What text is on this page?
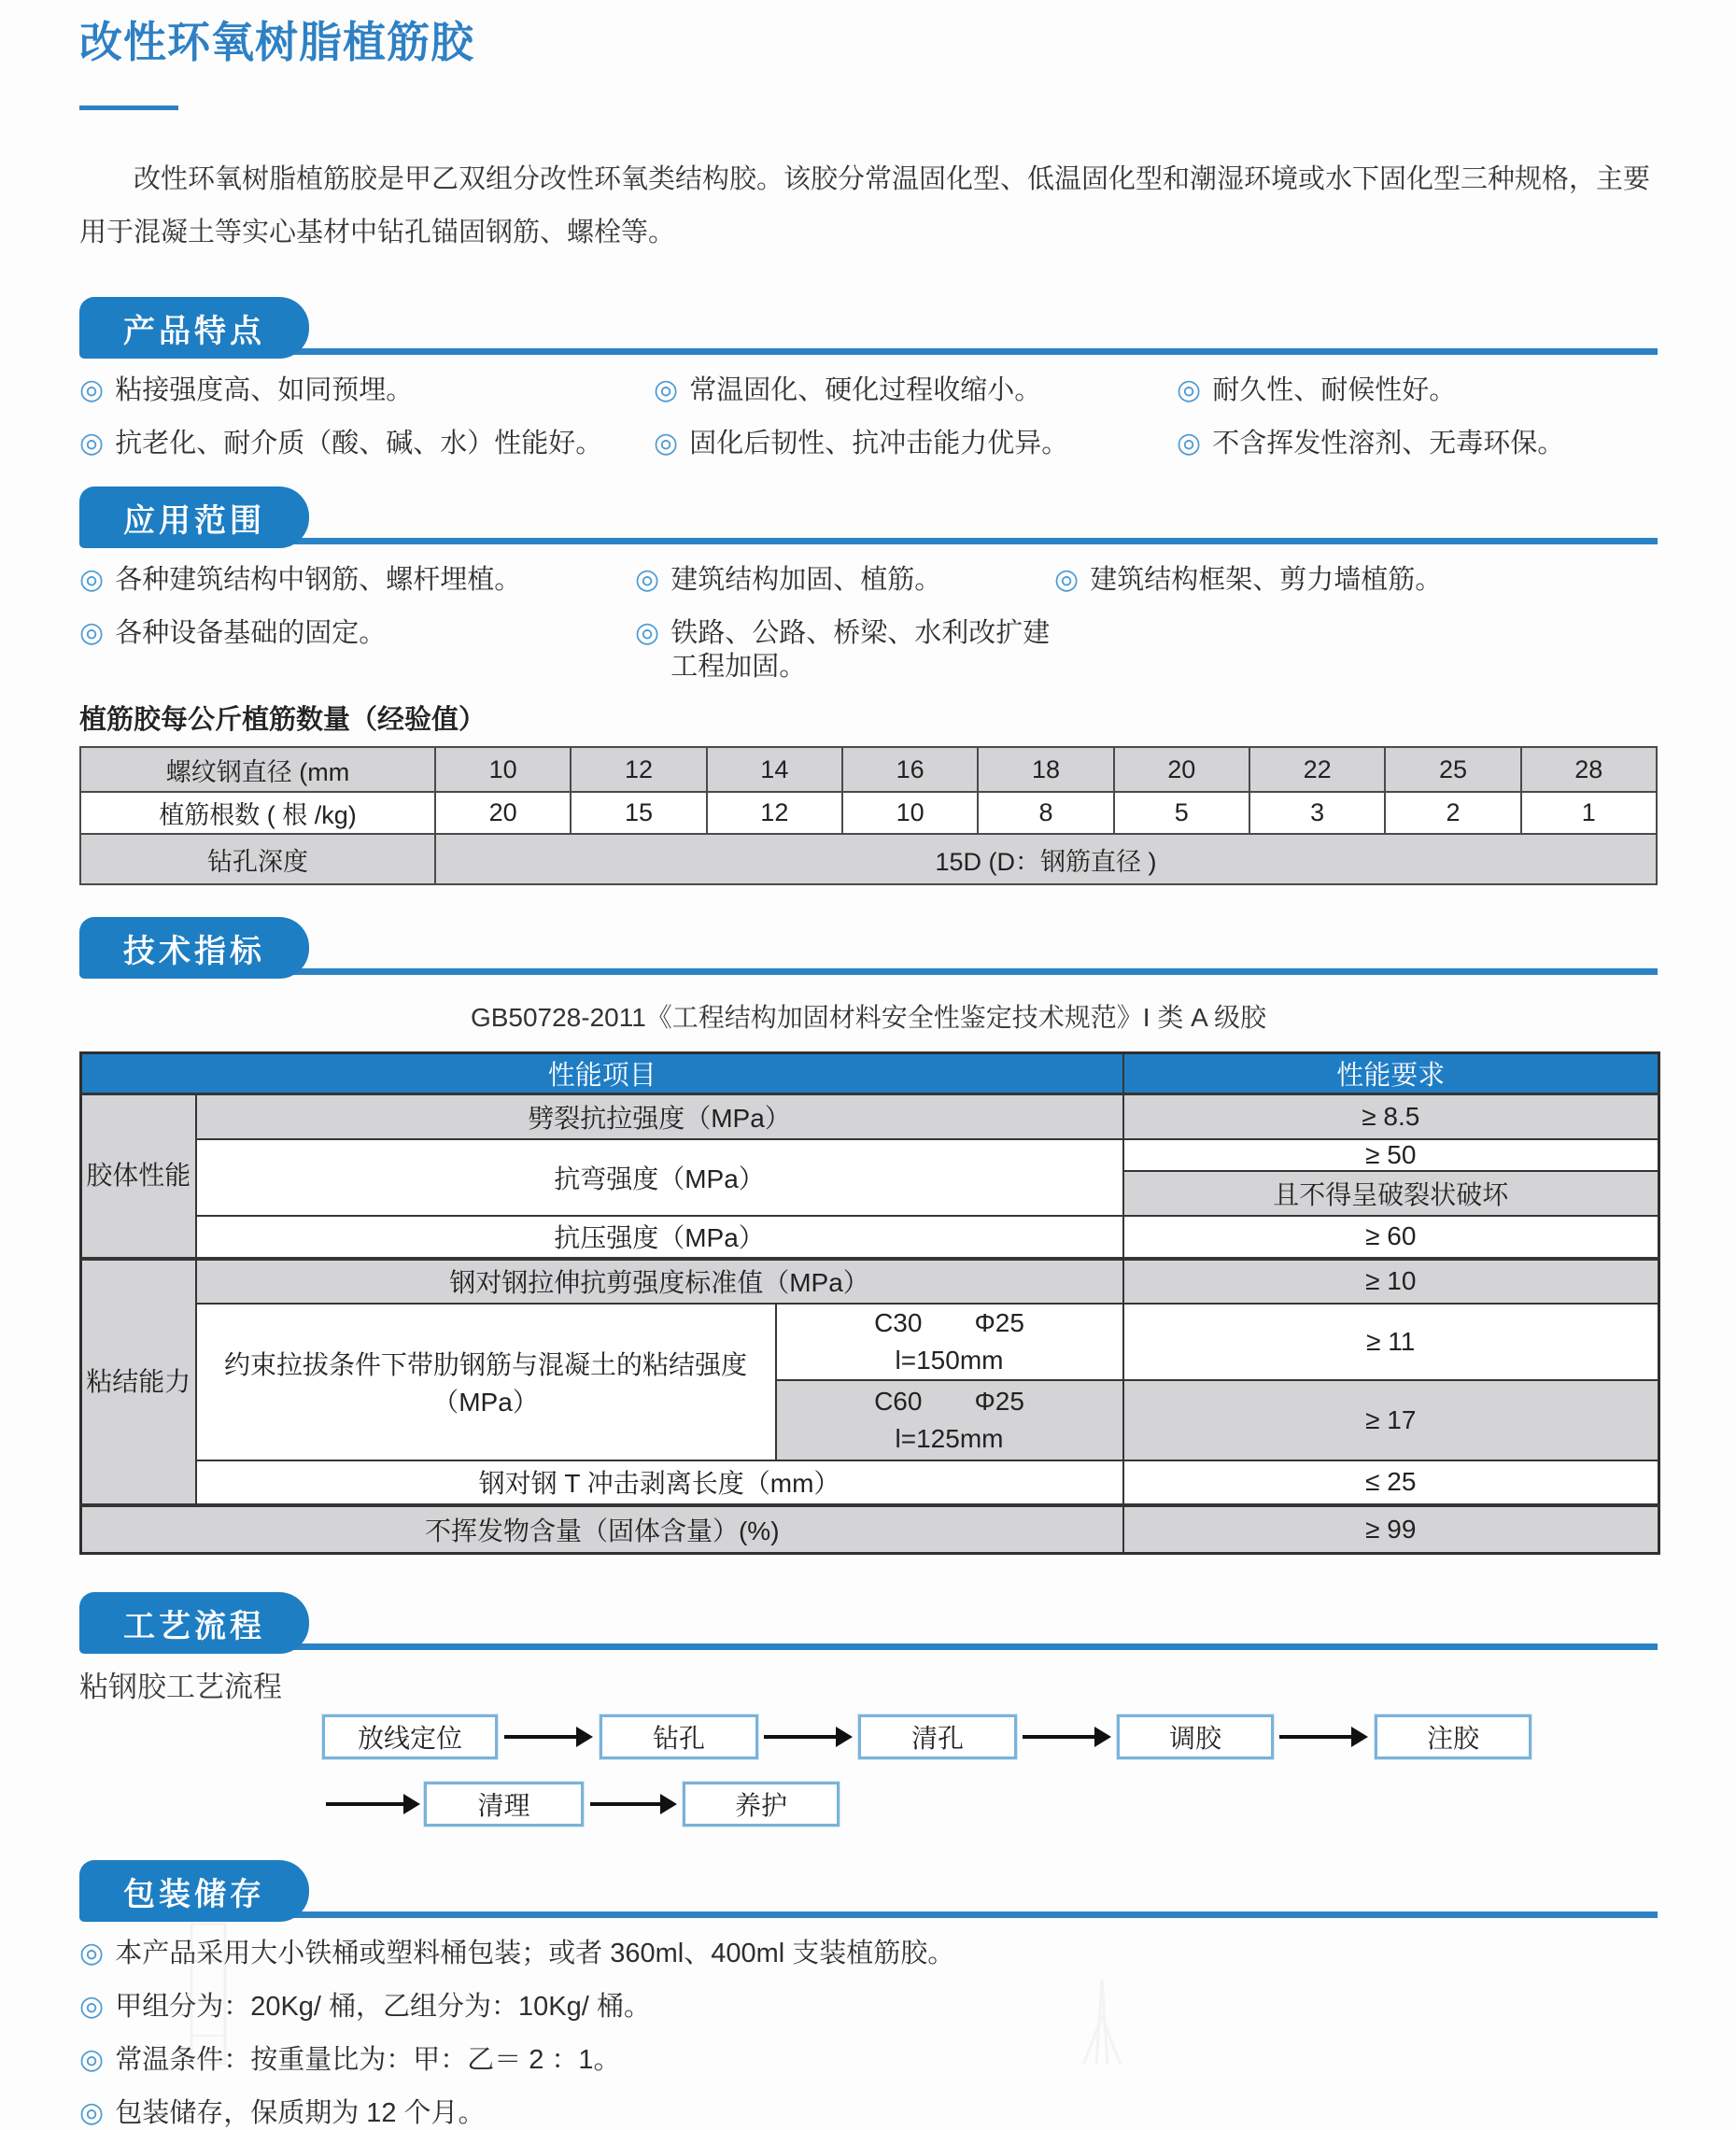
改性环氧树脂植筋胶

改性环氧树脂植筋胶是甲乙双组分改性环氧类结构胶。该胶分常温固化型、低温固化型和潮湿环境或水下固化型三种规格，主要用于混凝土等实心基材中钻孔锚固钢筋、螺栓等。

产品特点
◎ 粘接强度高、如同预埋。
◎ 抗老化、耐介质（酸、碱、水）性能好。
◎ 常温固化、硬化过程收缩小。
◎ 固化后韧性、抗冲击能力优异。
◎ 耐久性、耐候性好。
◎ 不含挥发性溶剂、无毒环保。
应用范围
◎ 各种建筑结构中钢筋、螺杆埋植。
◎ 各种设备基础的固定。
◎ 建筑结构加固、植筋。
◎ 铁路、公路、桥梁、水利改扩建工程加固。
◎ 建筑结构框架、剪力墙植筋。
植筋胶每公斤植筋数量（经验值）
螺纹钢直径 (mm	10	12	14	16	18	20	22	25	28
植筋根数 ( 根 /kg)	20	15	12	10	8	5	3	2	1
钻孔深度	15D (D：钢筋直径 )								
技术指标
GB50728-2011《工程结构加固材料安全性鉴定技术规范》I 类 A 级胶
性能项目			性能要求
胶体性能	劈裂抗拉强度（MPa）		≥ 8.5
	抗弯强度（MPa）		≥ 50
			且不得呈破裂状破坏
	抗压强度（MPa）		≥ 60
粘结能力	钢对钢拉伸抗剪强度标准值（MPa）		≥ 10
	约束拉拔条件下带肋钢筋与混凝土的粘结强度（MPa）	C30 Φ25
l=150mm	≥ 11

		C60 Φ25
l=125mm	≥ 17
	钢对钢 T 冲击剥离长度（mm）		≤ 25
不挥发物含量（固体含量）(%)			≥ 99
工艺流程
粘钢胶工艺流程
放线定位	钻孔	清孔	调胶	注胶
清理	养护
包装储存
◎ 本产品采用大小铁桶或塑料桶包装；或者 360ml、400ml 支装植筋胶。
◎ 甲组分为：20Kg/ 桶，乙组分为：10Kg/ 桶。
◎ 常温条件：按重量比为：甲：乙＝ 2 ：1。
◎ 包装储存，保质期为 12 个月。
